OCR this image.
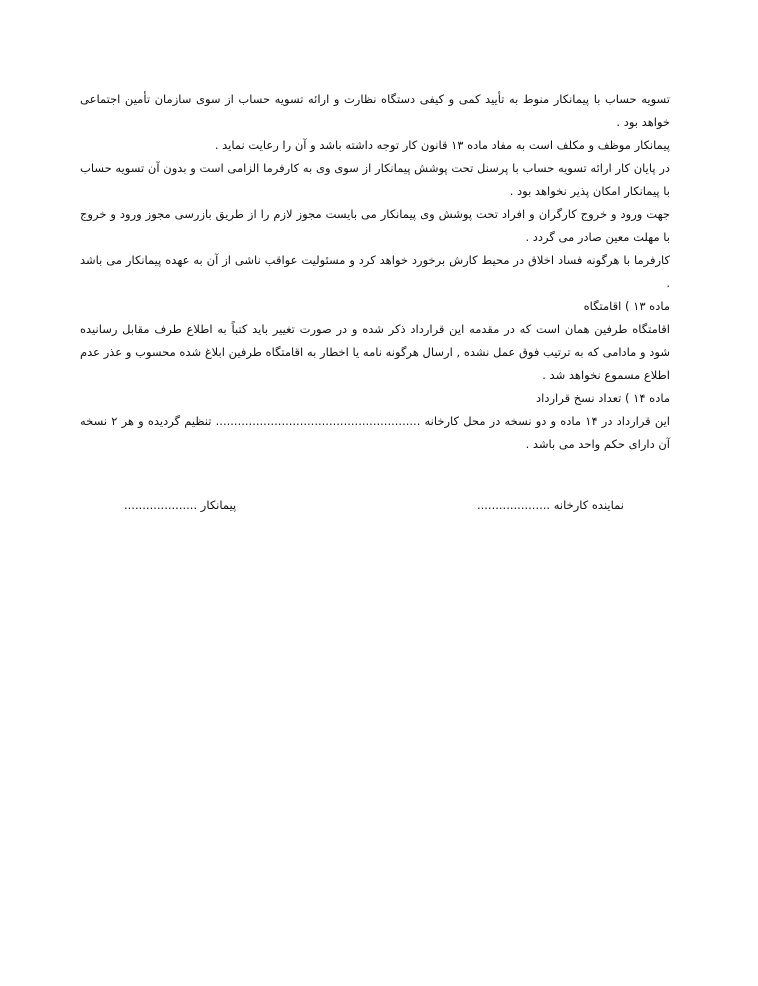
تسویه حساب با پیمانکار منوط به تأیید کمی و کیفی دستگاه نظارت و ارائه تسویه حساب از سوی سازمان تأمین اجتماعی خواهد بود .

پیمانکار موظف و مکلف است به مفاد ماده ۱۳ قانون کار توجه داشته باشد و آن را رعایت نماید .

در پایان کار ارائه تسویه حساب با پرسنل تحت پوشش پیمانکار از سوی وی به کارفرما الزامی است و بدون آن تسویه حساب با پیمانکار امکان پذیر نخواهد بود .

جهت ورود و خروج کارگران و افراد تحت پوشش وی پیمانکار می بایست مجوز لازم را از طریق بازرسی مجوز ورود و خروج با مهلت معین صادر می گردد .

کارفرما با هرگونه فساد اخلاق در محیط کارش برخورد خواهد کرد و مسئولیت عواقب ناشی از آن به عهده پیمانکار می باشد .

ماده ۱۳ ) اقامتگاه

اقامتگاه طرفین همان است که در مقدمه این قرارداد ذکر شده و در صورت تغییر باید کتباً به اطلاع طرف مقابل رسانیده شود و مادامی که به ترتیب فوق عمل نشده , ارسال هرگونه نامه یا اخطار به اقامتگاه طرفین ابلاغ شده محسوب و عذر عدم اطلاع مسموع نخواهد شد .

ماده ۱۴ ) تعداد نسخ قرارداد

این قرارداد در ۱۴ ماده و دو نسخه در محل کارخانه ........................................................ تنظیم گردیده و هر ۲ نسخه آن دارای حکم واحد می باشد .

نماینده کارخانه ....................
پیمانکار ....................
